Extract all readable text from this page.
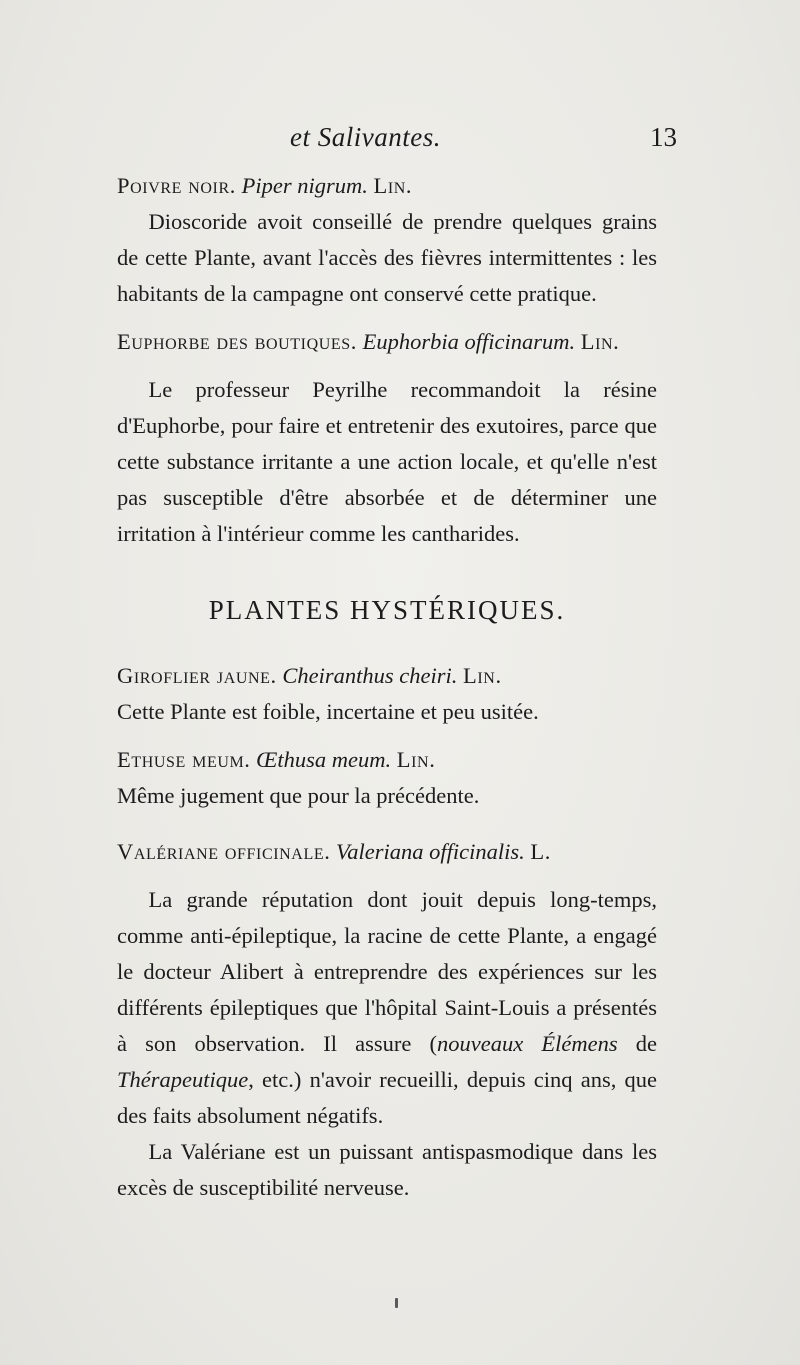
et Salivantes.	13

Poivre noir. Piper nigrum. Lin.

Dioscoride avoit conseillé de prendre quelques grains de cette Plante, avant l'accès des fièvres intermittentes : les habitants de la campagne ont conservé cette pratique.

Euphorbe des boutiques. Euphorbia officinarum. Lin.

Le professeur Peyrilhe recommandoit la résine d'Euphorbe, pour faire et entretenir des exutoires, parce que cette substance irritante a une action locale, et qu'elle n'est pas susceptible d'être absorbée et de déterminer une irritation à l'intérieur comme les cantharides.

PLANTES HYSTÉRIQUES.

Giroflier jaune. Cheiranthus cheiri. Lin.

Cette Plante est foible, incertaine et peu usitée.

Ethuse meum. Œthusa meum. Lin.

Même jugement que pour la précédente.

Valériane officinale. Valeriana officinalis. L.

La grande réputation dont jouit depuis long-temps, comme anti-épileptique, la racine de cette Plante, a engagé le docteur Alibert à entreprendre des expériences sur les différents épileptiques que l'hôpital Saint-Louis a présentés à son observation. Il assure (nouveaux Élémens de Thérapeutique, etc.) n'avoir recueilli, depuis cinq ans, que des faits absolument négatifs.

La Valériane est un puissant antispasmodique dans les excès de susceptibilité nerveuse.
